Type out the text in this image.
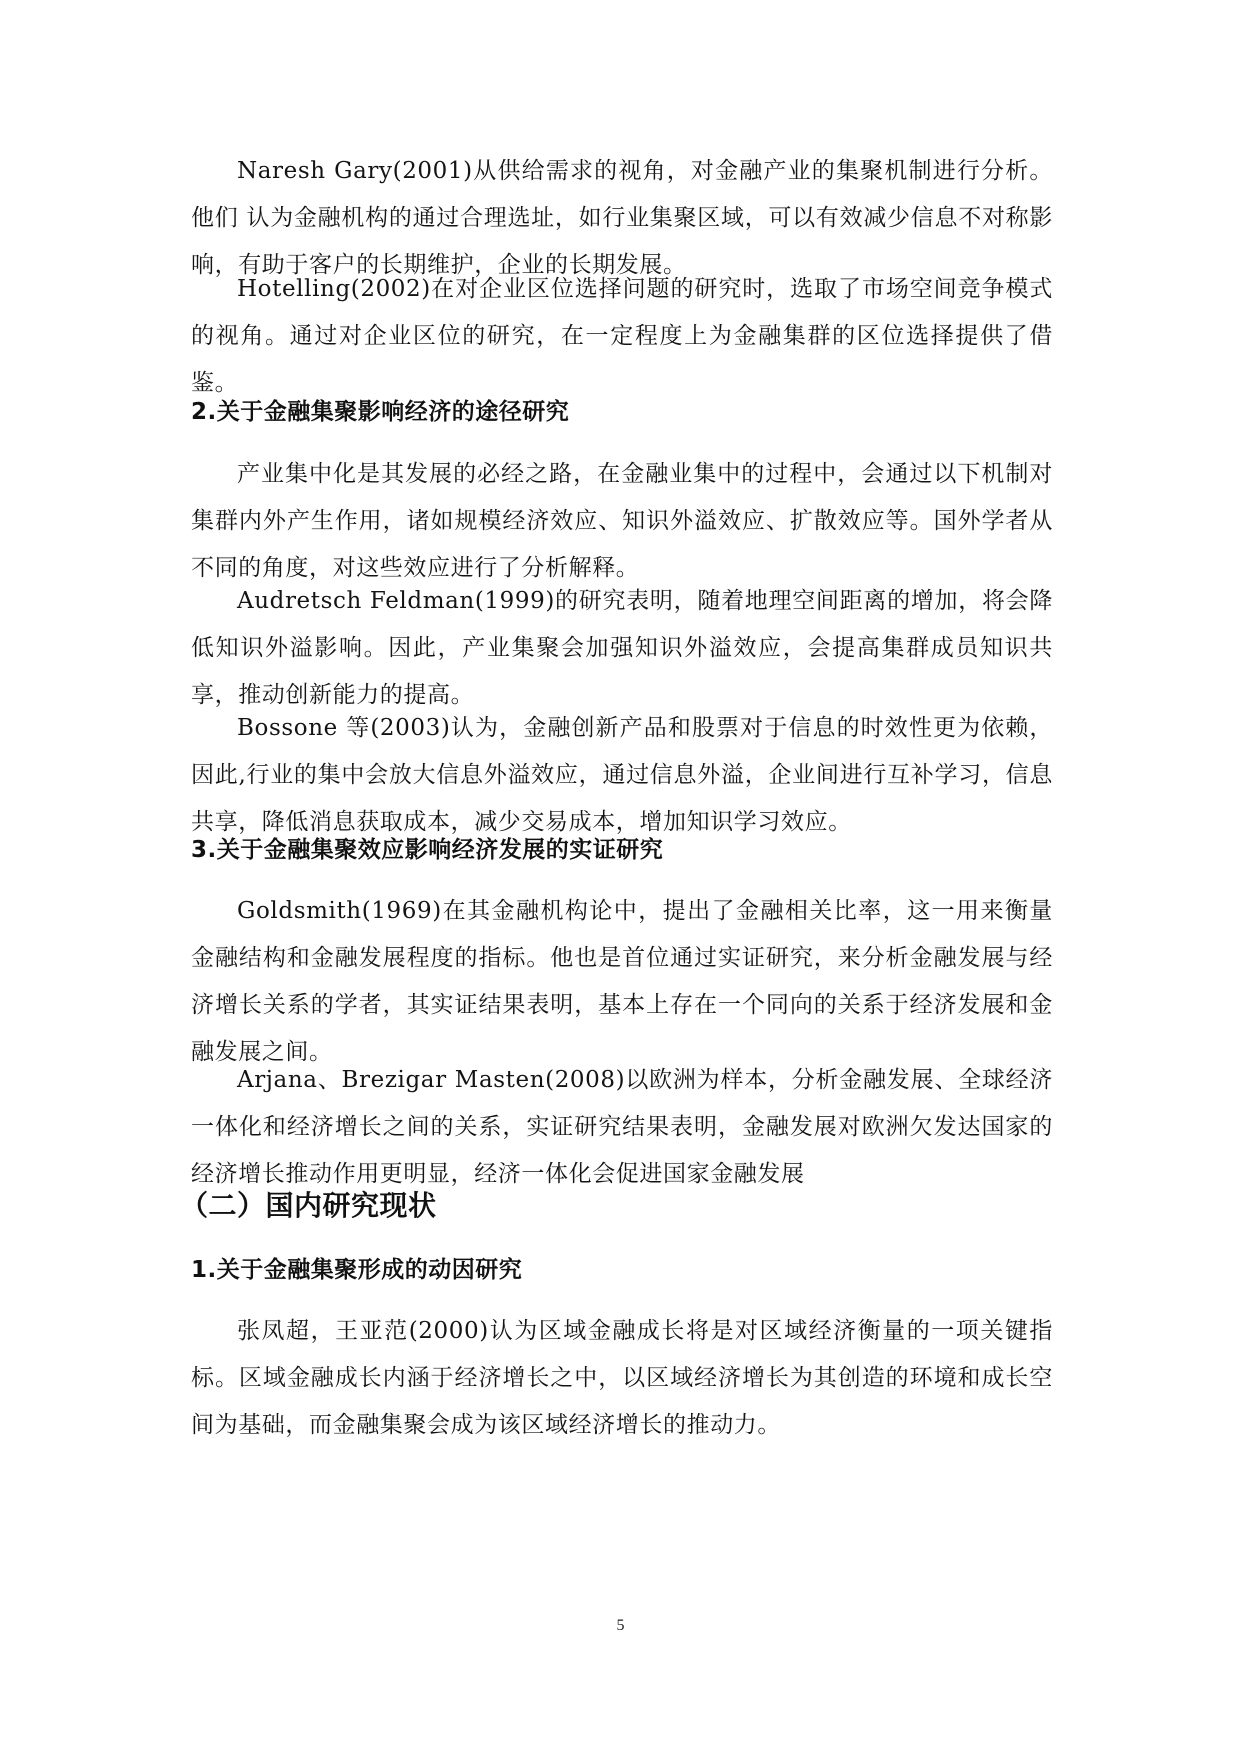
Naresh Gary(2001)从供给需求的视角，对金融产业的集聚机制进行分析。他们 认为金融机构的通过合理选址，如行业集聚区域，可以有效减少信息不对称影响，有助于客户的长期维护，企业的长期发展。

Hotelling(2002)在对企业区位选择问题的研究时，选取了市场空间竞争模式的视角。通过对企业区位的研究，在一定程度上为金融集群的区位选择提供了借鉴。

2.关于金融集聚影响经济的途径研究

产业集中化是其发展的必经之路，在金融业集中的过程中，会通过以下机制对集群内外产生作用，诸如规模经济效应、知识外溢效应、扩散效应等。国外学者从不同的角度，对这些效应进行了分析解释。

Audretsch Feldman(1999)的研究表明，随着地理空间距离的增加，将会降低知识外溢影响。因此，产业集聚会加强知识外溢效应，会提高集群成员知识共享，推动创新能力的提高。

Bossone 等(2003)认为，金融创新产品和股票对于信息的时效性更为依赖，因此,行业的集中会放大信息外溢效应，通过信息外溢，企业间进行互补学习，信息共享，降低消息获取成本，减少交易成本，增加知识学习效应。

3.关于金融集聚效应影响经济发展的实证研究

Goldsmith(1969)在其金融机构论中，提出了金融相关比率，这一用来衡量金融结构和金融发展程度的指标。他也是首位通过实证研究，来分析金融发展与经济增长关系的学者，其实证结果表明，基本上存在一个同向的关系于经济发展和金融发展之间。

Arjana、Brezigar Masten(2008)以欧洲为样本，分析金融发展、全球经济一体化和经济增长之间的关系，实证研究结果表明，金融发展对欧洲欠发达国家的经济增长推动作用更明显，经济一体化会促进国家金融发展

（二）国内研究现状
1.关于金融集聚形成的动因研究

张凤超，王亚范(2000)认为区域金融成长将是对区域经济衡量的一项关键指标。区域金融成长内涵于经济增长之中，以区域经济增长为其创造的环境和成长空间为基础，而金融集聚会成为该区域经济增长的推动力。

5
